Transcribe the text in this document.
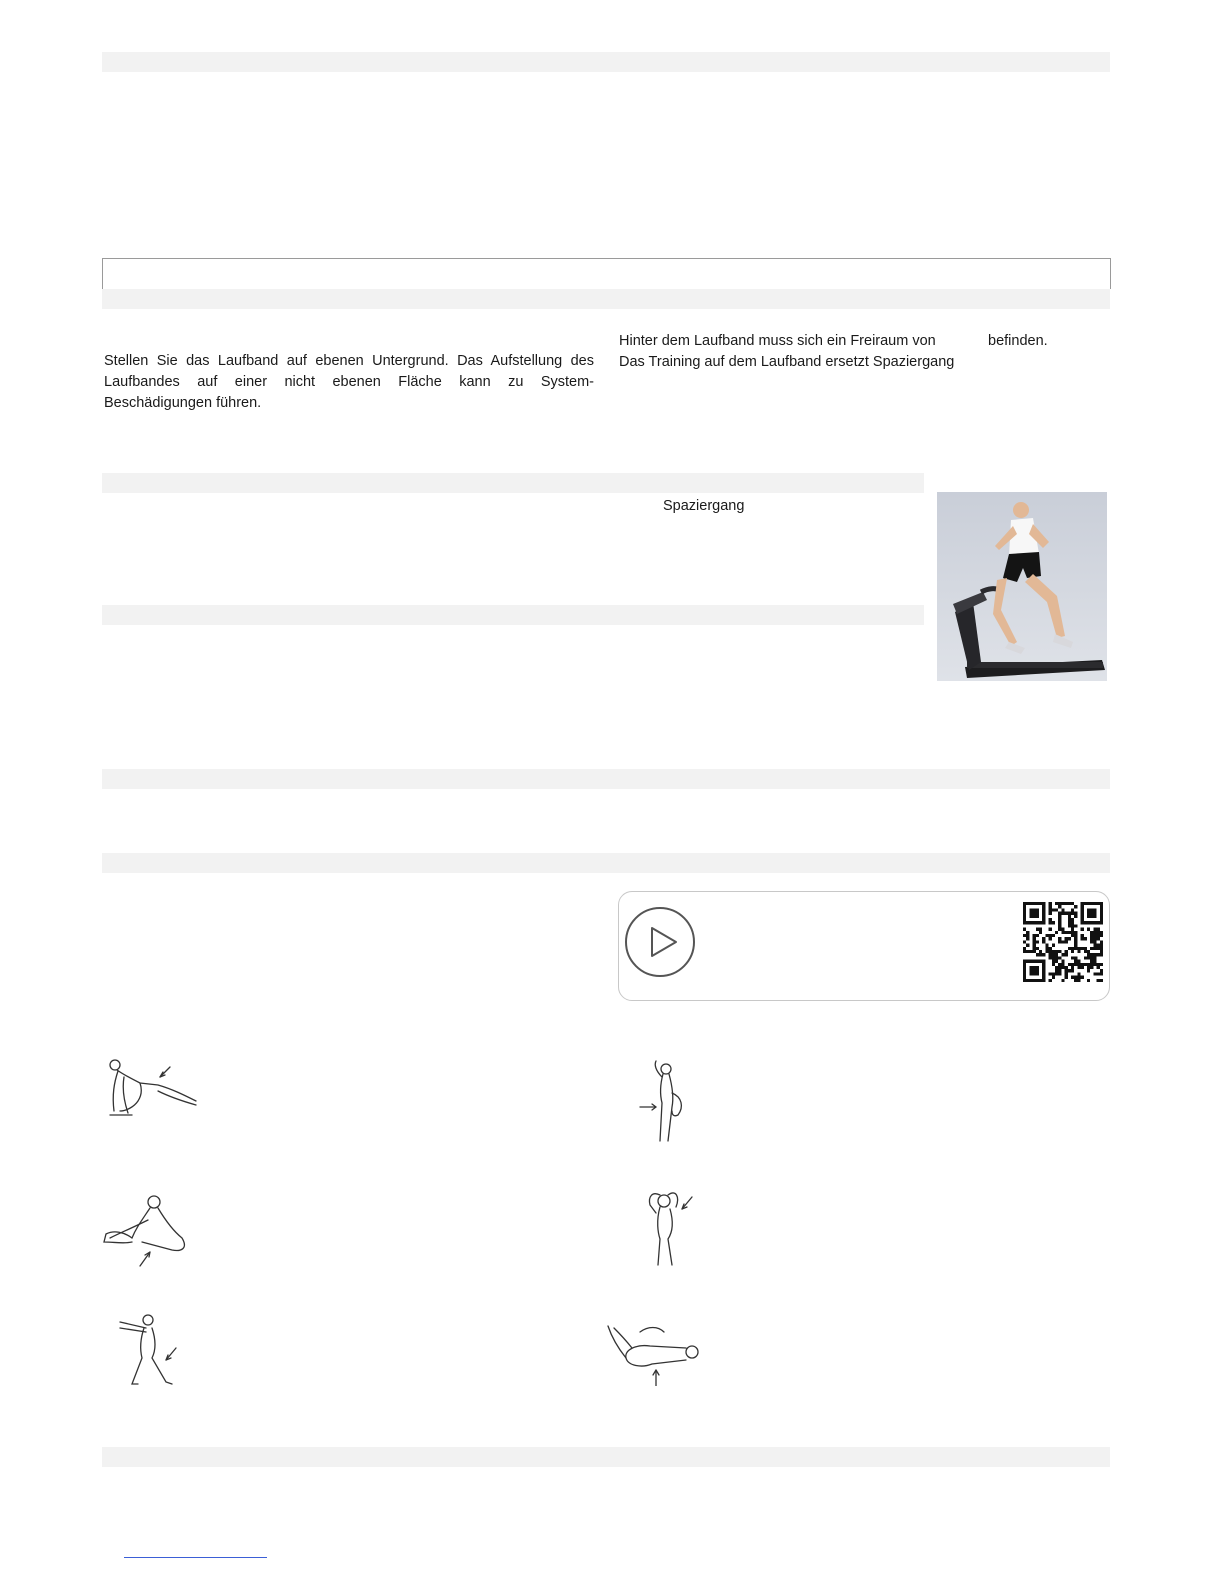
Stellen Sie das Laufband auf ebenen Untergrund. Das Aufstellung des Laufbandes auf einer nicht ebenen Fläche kann zu System- Beschädigungen führen.
Hinter dem Laufband muss sich ein Freiraum von	befinden.
Das Training auf dem Laufband ersetzt Spaziergang
Spaziergang
